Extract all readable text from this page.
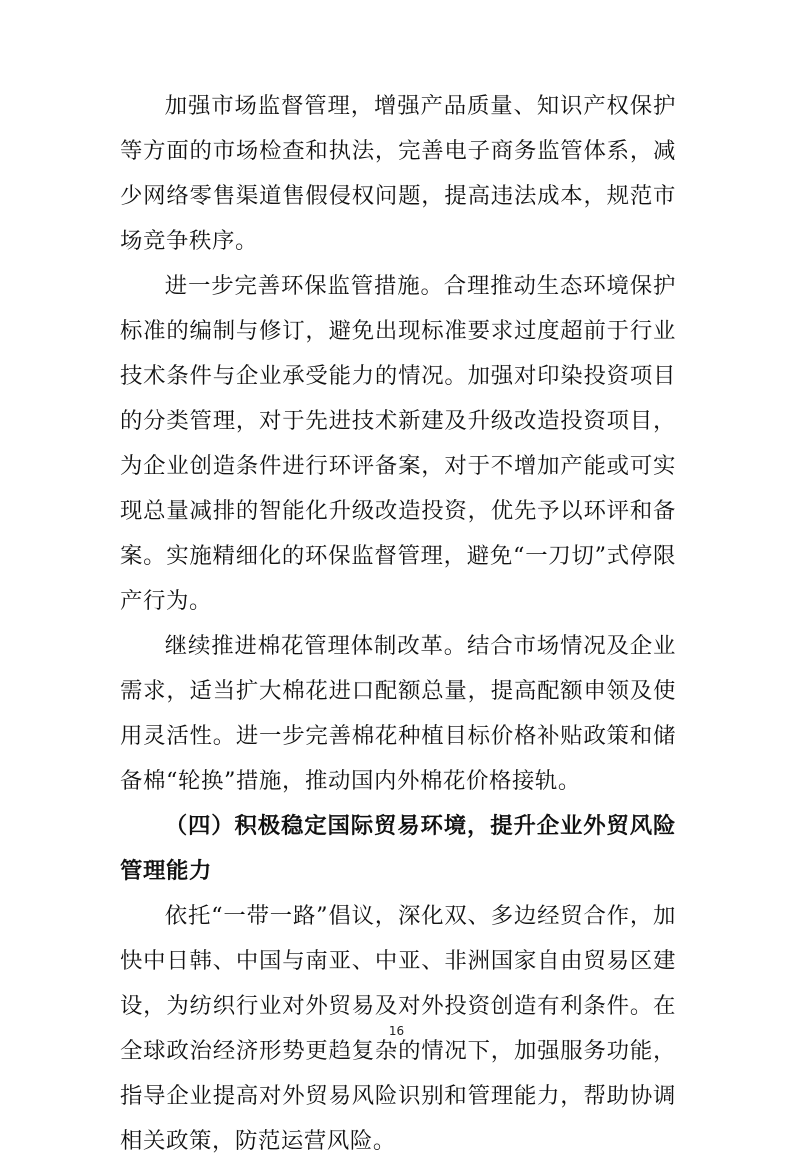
加强市场监督管理，增强产品质量、知识产权保护等方面的市场检查和执法，完善电子商务监管体系，减少网络零售渠道售假侵权问题，提高违法成本，规范市场竞争秩序。

进一步完善环保监管措施。合理推动生态环境保护标准的编制与修订，避免出现标准要求过度超前于行业技术条件与企业承受能力的情况。加强对印染投资项目的分类管理，对于先进技术新建及升级改造投资项目，为企业创造条件进行环评备案，对于不增加产能或可实现总量减排的智能化升级改造投资，优先予以环评和备案。实施精细化的环保监督管理，避免“一刀切”式停限产行为。

继续推进棉花管理体制改革。结合市场情况及企业需求，适当扩大棉花进口配额总量，提高配额申领及使用灵活性。进一步完善棉花种植目标价格补贴政策和储备棉“轮换”措施，推动国内外棉花价格接轨。

（四）积极稳定国际贸易环境，提升企业外贸风险管理能力

依托“一带一路”倡议，深化双、多边经贸合作，加快中日韩、中国与南亚、中亚、非洲国家自由贸易区建设，为纺织行业对外贸易及对外投资创造有利条件。在全球政治经济形势更趋复杂的情况下，加强服务功能，指导企业提高对外贸易风险识别和管理能力，帮助协调相关政策，防范运营风险。

16
